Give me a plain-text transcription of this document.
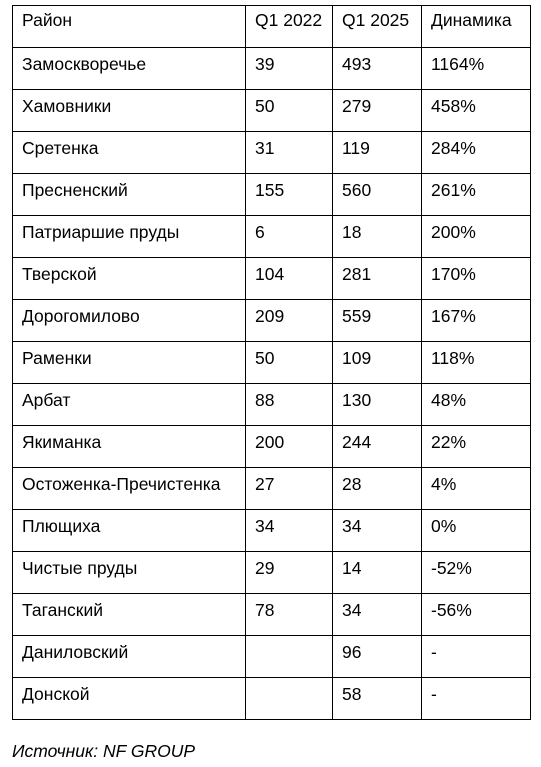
Район	Q1 2022	Q1 2025	Динамика
Замоскворечье	39	493	1164%
Хамовники	50	279	458%
Сретенка	31	119	284%
Пресненский	155	560	261%
Патриаршие пруды	6	18	200%
Тверской	104	281	170%
Дорогомилово	209	559	167%
Раменки	50	109	118%
Арбат	88	130	48%
Якиманка	200	244	22%
Остоженка-Пречистенка	27	28	4%
Плющиха	34	34	0%
Чистые пруды	29	14	-52%
Таганский	78	34	-56%
Даниловский		96	-
Донской		58	-
Источник: NF GROUP
